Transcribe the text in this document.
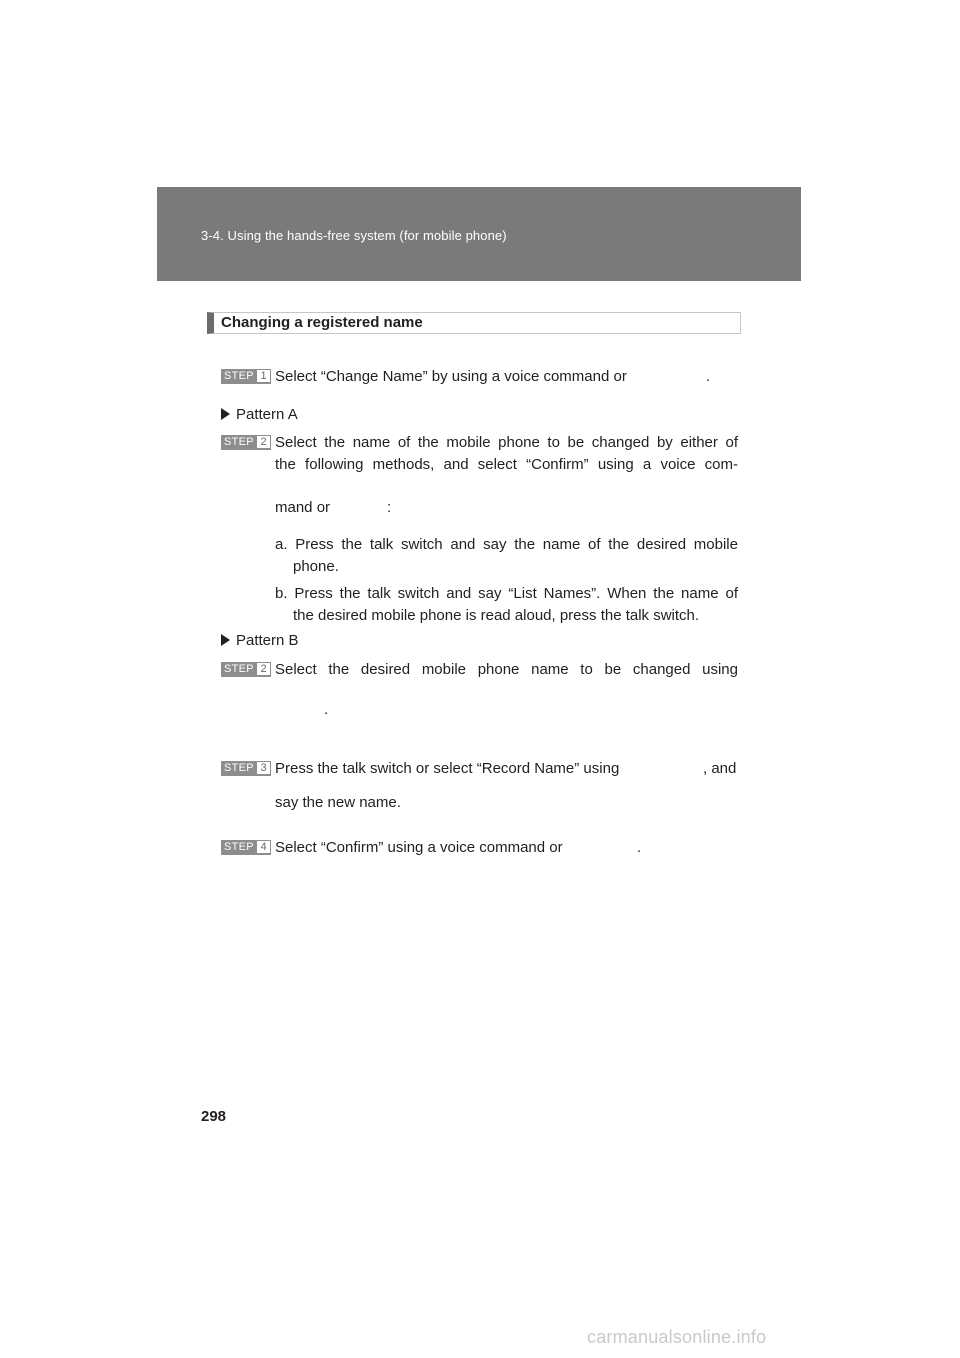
3-4. Using the hands-free system (for mobile phone)
Changing a registered name
STEP 1 Select “Change Name” by using a voice command or	.
Pattern A
STEP 2 Select the name of the mobile phone to be changed by either of
the following methods, and select “Confirm” using a voice com-
mand or	:
a. Press the talk switch and say the name of the desired mobile
phone.
b. Press the talk switch and say “List Names”. When the name of
the desired mobile phone is read aloud, press the talk switch.
Pattern B
STEP 2 Select the desired mobile phone name to be changed using
.
STEP 3 Press the talk switch or select “Record Name” using	, and
say the new name.
STEP 4 Select “Confirm” using a voice command or	.
298
carmanualsonline.info
